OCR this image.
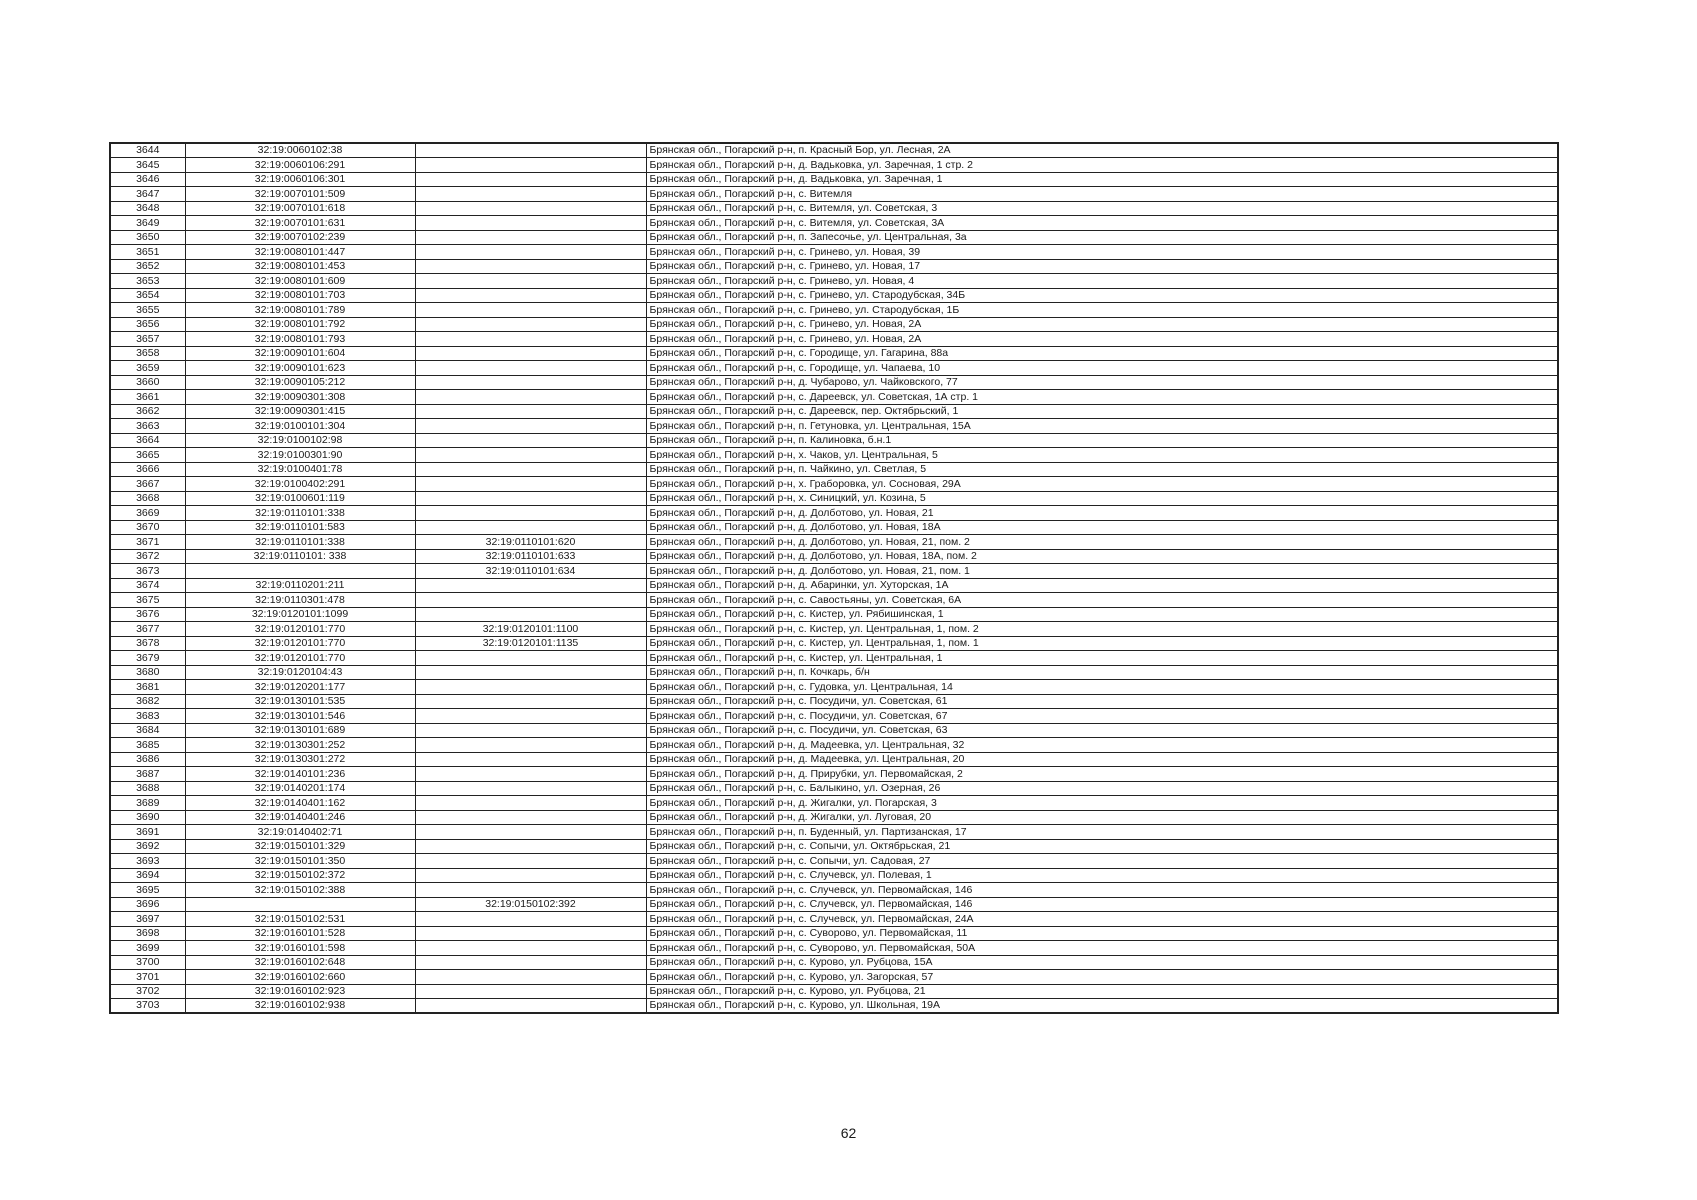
3644	32:19:0060102:38		Брянская обл., Погарский р-н, п. Красный Бор, ул. Лесная, 2А
3645	32:19:0060106:291		Брянская обл., Погарский р-н, д. Вадьковка, ул. Заречная, 1 стр. 2
3646	32:19:0060106:301		Брянская обл., Погарский р-н, д. Вадьковка, ул. Заречная, 1
3647	32:19:0070101:509		Брянская обл., Погарский р-н, с. Витемля
3648	32:19:0070101:618		Брянская обл., Погарский р-н, с. Витемля, ул. Советская, 3
3649	32:19:0070101:631		Брянская обл., Погарский р-н, с. Витемля, ул. Советская, 3А
3650	32:19:0070102:239		Брянская обл., Погарский р-н, п. Запесочье, ул. Центральная, 3а
3651	32:19:0080101:447		Брянская обл., Погарский р-н, с. Гринево, ул. Новая, 39
3652	32:19:0080101:453		Брянская обл., Погарский р-н, с. Гринево, ул. Новая, 17
3653	32:19:0080101:609		Брянская обл., Погарский р-н, с. Гринево, ул. Новая, 4
3654	32:19:0080101:703		Брянская обл., Погарский р-н, с. Гринево, ул. Стародубская, 34Б
3655	32:19:0080101:789		Брянская обл., Погарский р-н, с. Гринево, ул. Стародубская, 1Б
3656	32:19:0080101:792		Брянская обл., Погарский р-н, с. Гринево, ул. Новая, 2А
3657	32:19:0080101:793		Брянская обл., Погарский р-н, с. Гринево, ул. Новая, 2А
3658	32:19:0090101:604		Брянская обл., Погарский р-н, с. Городище, ул. Гагарина, 88а
3659	32:19:0090101:623		Брянская обл., Погарский р-н, с. Городище, ул. Чапаева, 10
3660	32:19:0090105:212		Брянская обл., Погарский р-н, д. Чубарово, ул. Чайковского, 77
3661	32:19:0090301:308		Брянская обл., Погарский р-н, с. Дареевск, ул. Советская, 1А стр. 1
3662	32:19:0090301:415		Брянская обл., Погарский р-н, с. Дареевск, пер. Октябрьский, 1
3663	32:19:0100101:304		Брянская обл., Погарский р-н, п. Гетуновка, ул. Центральная, 15А
3664	32:19:0100102:98		Брянская обл., Погарский р-н, п. Калиновка, б.н.1
3665	32:19:0100301:90		Брянская обл., Погарский р-н, х. Чаков, ул. Центральная, 5
3666	32:19:0100401:78		Брянская обл., Погарский р-н, п. Чайкино, ул. Светлая, 5
3667	32:19:0100402:291		Брянская обл., Погарский р-н, х. Граборовка, ул. Сосновая, 29А
3668	32:19:0100601:119		Брянская обл., Погарский р-н, х. Синицкий, ул. Козина, 5
3669	32:19:0110101:338		Брянская обл., Погарский р-н, д. Долботово, ул. Новая, 21
3670	32:19:0110101:583		Брянская обл., Погарский р-н, д. Долботово, ул. Новая, 18А
3671	32:19:0110101:338	32:19:0110101:620	Брянская обл., Погарский р-н, д. Долботово, ул. Новая, 21, пом. 2
3672	32:19:0110101: 338	32:19:0110101:633	Брянская обл., Погарский р-н, д. Долботово, ул. Новая, 18А, пом. 2
3673		32:19:0110101:634	Брянская обл., Погарский р-н, д. Долботово, ул. Новая, 21, пом. 1
3674	32:19:0110201:211		Брянская обл., Погарский р-н, д. Абаринки, ул. Хуторская, 1А
3675	32:19:0110301:478		Брянская обл., Погарский р-н, с. Савостьяны, ул. Советская, 6А
3676	32:19:0120101:1099		Брянская обл., Погарский р-н, с. Кистер, ул. Рябишинская, 1
3677	32:19:0120101:770	32:19:0120101:1100	Брянская обл., Погарский р-н, с. Кистер, ул. Центральная, 1, пом. 2
3678	32:19:0120101:770	32:19:0120101:1135	Брянская обл., Погарский р-н, с. Кистер, ул. Центральная, 1, пом. 1
3679	32:19:0120101:770		Брянская обл., Погарский р-н, с. Кистер, ул. Центральная, 1
3680	32:19:0120104:43		Брянская обл., Погарский р-н, п. Кочкарь, б/н
3681	32:19:0120201:177		Брянская обл., Погарский р-н, с. Гудовка, ул. Центральная, 14
3682	32:19:0130101:535		Брянская обл., Погарский р-н, с. Посудичи, ул. Советская, 61
3683	32:19:0130101:546		Брянская обл., Погарский р-н, с. Посудичи, ул. Советская, 67
3684	32:19:0130101:689		Брянская обл., Погарский р-н, с. Посудичи, ул. Советская, 63
3685	32:19:0130301:252		Брянская обл., Погарский р-н, д. Мадеевка, ул. Центральная, 32
3686	32:19:0130301:272		Брянская обл., Погарский р-н, д. Мадеевка, ул. Центральная, 20
3687	32:19:0140101:236		Брянская обл., Погарский р-н, д. Прирубки, ул. Первомайская, 2
3688	32:19:0140201:174		Брянская обл., Погарский р-н, с. Балыкино, ул. Озерная, 26
3689	32:19:0140401:162		Брянская обл., Погарский р-н, д. Жигалки, ул. Погарская, 3
3690	32:19:0140401:246		Брянская обл., Погарский р-н, д. Жигалки, ул. Луговая, 20
3691	32:19:0140402:71		Брянская обл., Погарский р-н, п. Буденный, ул. Партизанская, 17
3692	32:19:0150101:329		Брянская обл., Погарский р-н, с. Сопычи, ул. Октябрьская, 21
3693	32:19:0150101:350		Брянская обл., Погарский р-н, с. Сопычи, ул. Садовая, 27
3694	32:19:0150102:372		Брянская обл., Погарский р-н, с. Случевск, ул. Полевая, 1
3695	32:19:0150102:388		Брянская обл., Погарский р-н, с. Случевск, ул. Первомайская, 146
3696		32:19:0150102:392	Брянская обл., Погарский р-н, с. Случевск, ул. Первомайская, 146
3697	32:19:0150102:531		Брянская обл., Погарский р-н, с. Случевск, ул. Первомайская, 24А
3698	32:19:0160101:528		Брянская обл., Погарский р-н, с. Суворово, ул. Первомайская, 11
3699	32:19:0160101:598		Брянская обл., Погарский р-н, с. Суворово, ул. Первомайская, 50А
3700	32:19:0160102:648		Брянская обл., Погарский р-н, с. Курово, ул. Рубцова, 15А
3701	32:19:0160102:660		Брянская обл., Погарский р-н, с. Курово, ул. Загорская, 57
3702	32:19:0160102:923		Брянская обл., Погарский р-н, с. Курово, ул. Рубцова, 21
3703	32:19:0160102:938		Брянская обл., Погарский р-н, с. Курово, ул. Школьная, 19А
62
